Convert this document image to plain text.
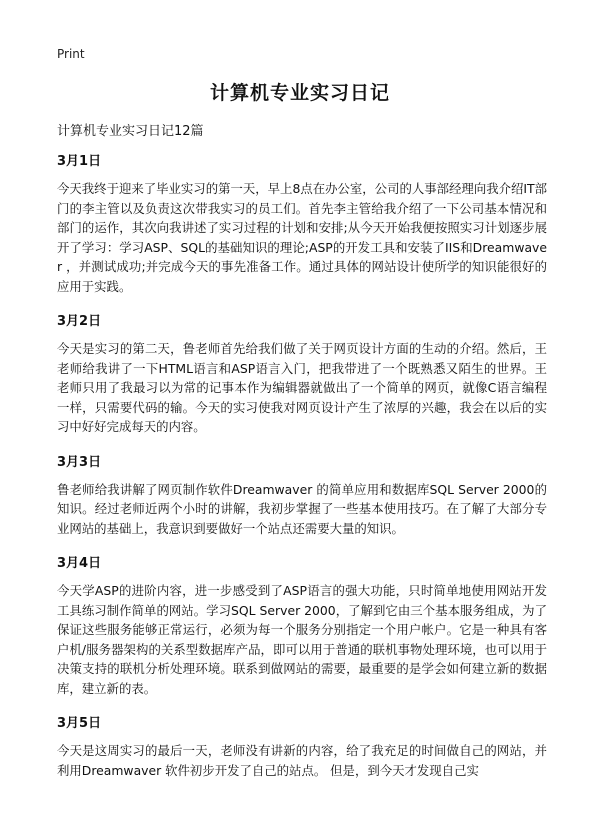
Print
计算机专业实习日记
计算机专业实习日记12篇
3月1日

今天我终于迎来了毕业实习的第一天，早上8点在办公室，公司的人事部经理向我介绍IT部门的李主管以及负责这次带我实习的员工们。首先李主管给我介绍了一下公司基本情况和部门的运作，其次向我讲述了实习过程的计划和安排;从今天开始我便按照实习计划逐步展开了学习：学习ASP、SQL的基础知识的理论;ASP的开发工具和安装了IIS和Dreamwaver ，并测试成功;并完成今天的事先准备工作。通过具体的网站设计使所学的知识能很好的应用于实践。

3月2日

今天是实习的第二天，鲁老师首先给我们做了关于网页设计方面的生动的介绍。然后，王老师给我讲了一下HTML语言和ASP语言入门，把我带进了一个既熟悉又陌生的世界。王老师只用了我最习以为常的记事本作为编辑器就做出了一个简单的网页，就像C语言编程一样，只需要代码的输。今天的实习使我对网页设计产生了浓厚的兴趣，我会在以后的实习中好好完成每天的内容。

3月3日

鲁老师给我讲解了网页制作软件Dreamwaver 的简单应用和数据库SQL Server 2000的知识。经过老师近两个小时的讲解，我初步掌握了一些基本使用技巧。在了解了大部分专业网站的基础上，我意识到要做好一个站点还需要大量的知识。

3月4日

今天学ASP的进阶内容，进一步感受到了ASP语言的强大功能，只时简单地使用网站开发工具练习制作简单的网站。学习SQL Server 2000，了解到它由三个基本服务组成，为了保证这些服务能够正常运行，必须为每一个服务分别指定一个用户帐户。它是一种具有客户机/服务器架构的关系型数据库产品，即可以用于普通的联机事物处理环境，也可以用于决策支持的联机分析处理环境。联系到做网站的需要，最重要的是学会如何建立新的数据库，建立新的表。

3月5日

今天是这周实习的最后一天，老师没有讲新的内容，给了我充足的时间做自己的网站，并利用Dreamwaver 软件初步开发了自己的站点。 但是，到今天才发现自己实
